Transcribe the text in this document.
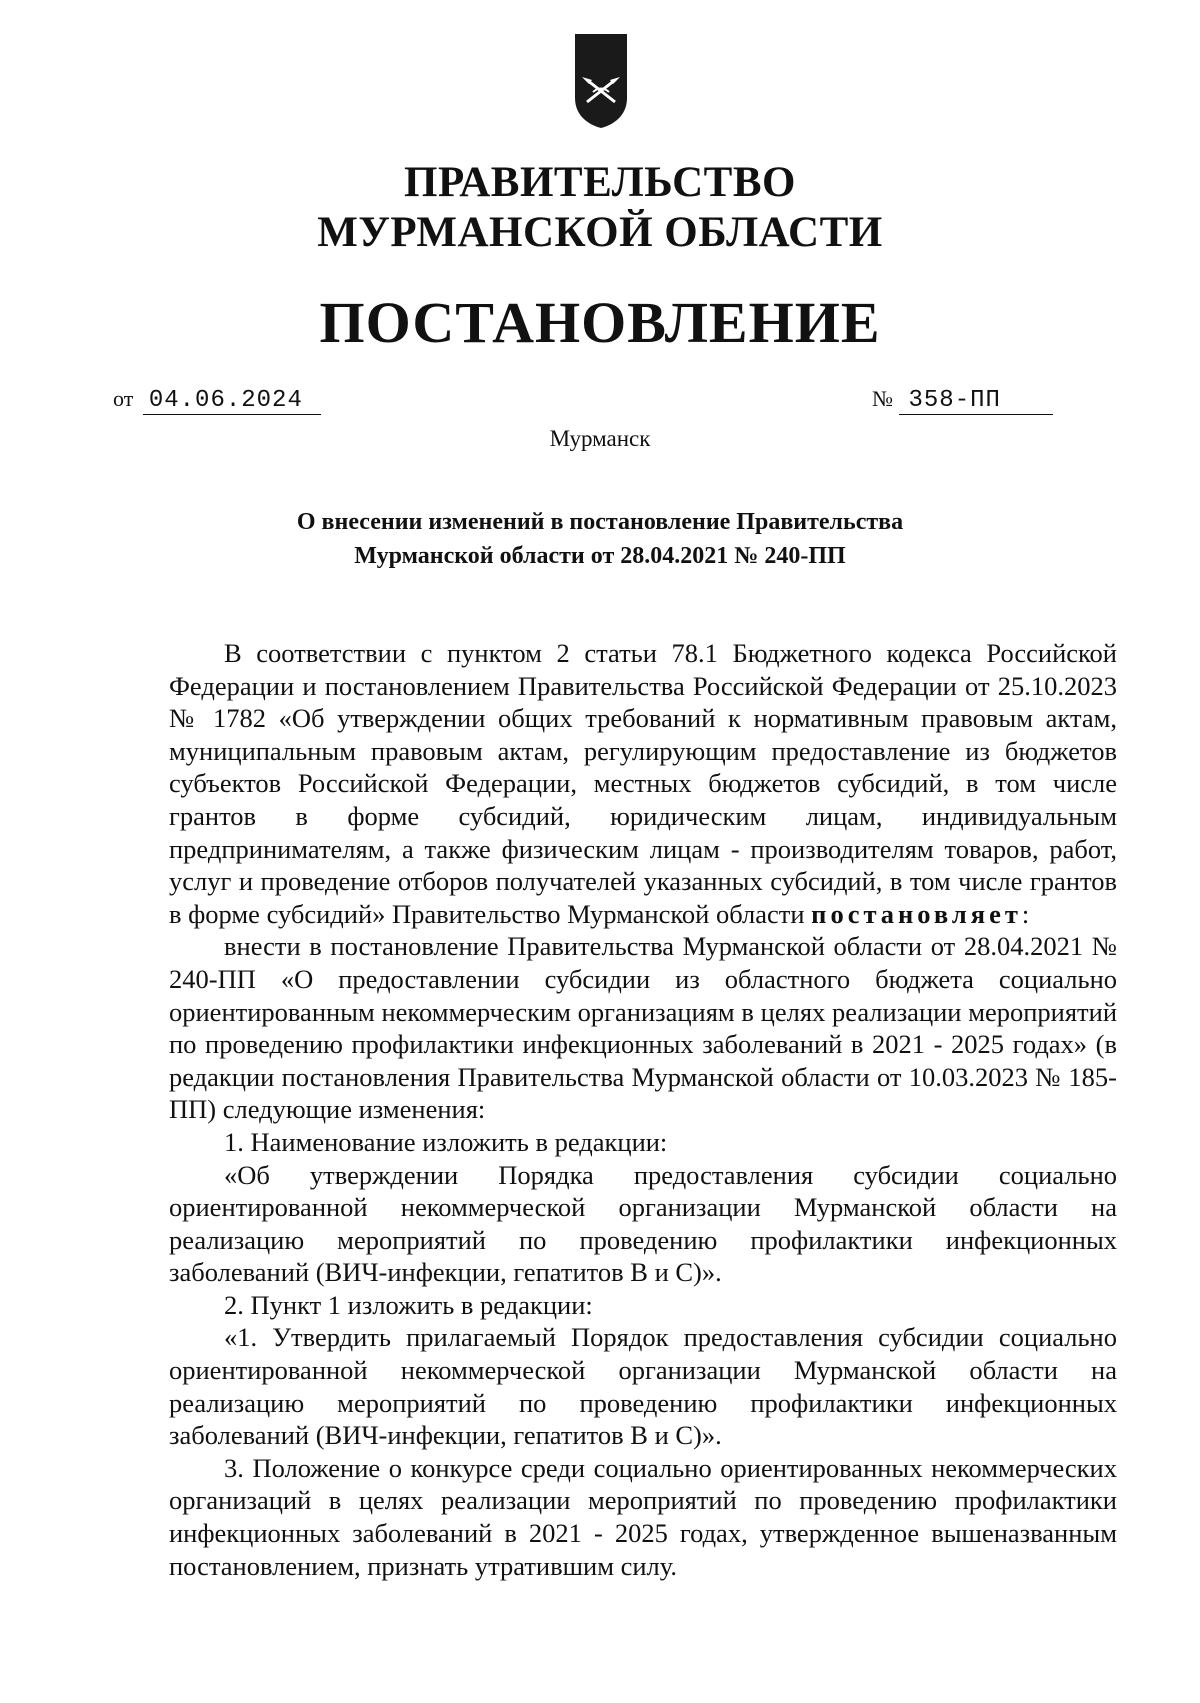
ПРАВИТЕЛЬСТВО
МУРМАНСКОЙ ОБЛАСТИ
ПОСТАНОВЛЕНИЕ
от 04.06.2024	№ 358-ПП
Мурманск
О внесении изменений в постановление Правительства
Мурманской области от 28.04.2021 № 240-ПП

В соответствии с пунктом 2 статьи 78.1 Бюджетного кодекса Российской Федерации и постановлением Правительства Российской Федерации от 25.10.2023 № 1782 «Об утверждении общих требований к нормативным правовым актам, муниципальным правовым актам, регулирующим предоставление из бюджетов субъектов Российской Федерации, местных бюджетов субсидий, в том числе грантов в форме субсидий, юридическим лицам, индивидуальным предпринимателям, а также физическим лицам - производителям товаров, работ, услуг и проведение отборов получателей указанных субсидий, в том числе грантов в форме субсидий» Правительство Мурманской области постановляет:

внести в постановление Правительства Мурманской области от 28.04.2021 № 240-ПП «О предоставлении субсидии из областного бюджета социально ориентированным некоммерческим организациям в целях реализации мероприятий по проведению профилактики инфекционных заболеваний в 2021 - 2025 годах» (в редакции постановления Правительства Мурманской области от 10.03.2023 № 185-ПП) следующие изменения:

1. Наименование изложить в редакции:

«Об утверждении Порядка предоставления субсидии социально ориентированной некоммерческой организации Мурманской области на реализацию мероприятий по проведению профилактики инфекционных заболеваний (ВИЧ-инфекции, гепатитов В и С)».

2. Пункт 1 изложить в редакции:

«1. Утвердить прилагаемый Порядок предоставления субсидии социально ориентированной некоммерческой организации Мурманской области на реализацию мероприятий по проведению профилактики инфекционных заболеваний (ВИЧ-инфекции, гепатитов В и С)».

3. Положение о конкурсе среди социально ориентированных некоммерческих организаций в целях реализации мероприятий по проведению профилактики инфекционных заболеваний в 2021 - 2025 годах, утвержденное вышеназванным постановлением, признать утратившим силу.
